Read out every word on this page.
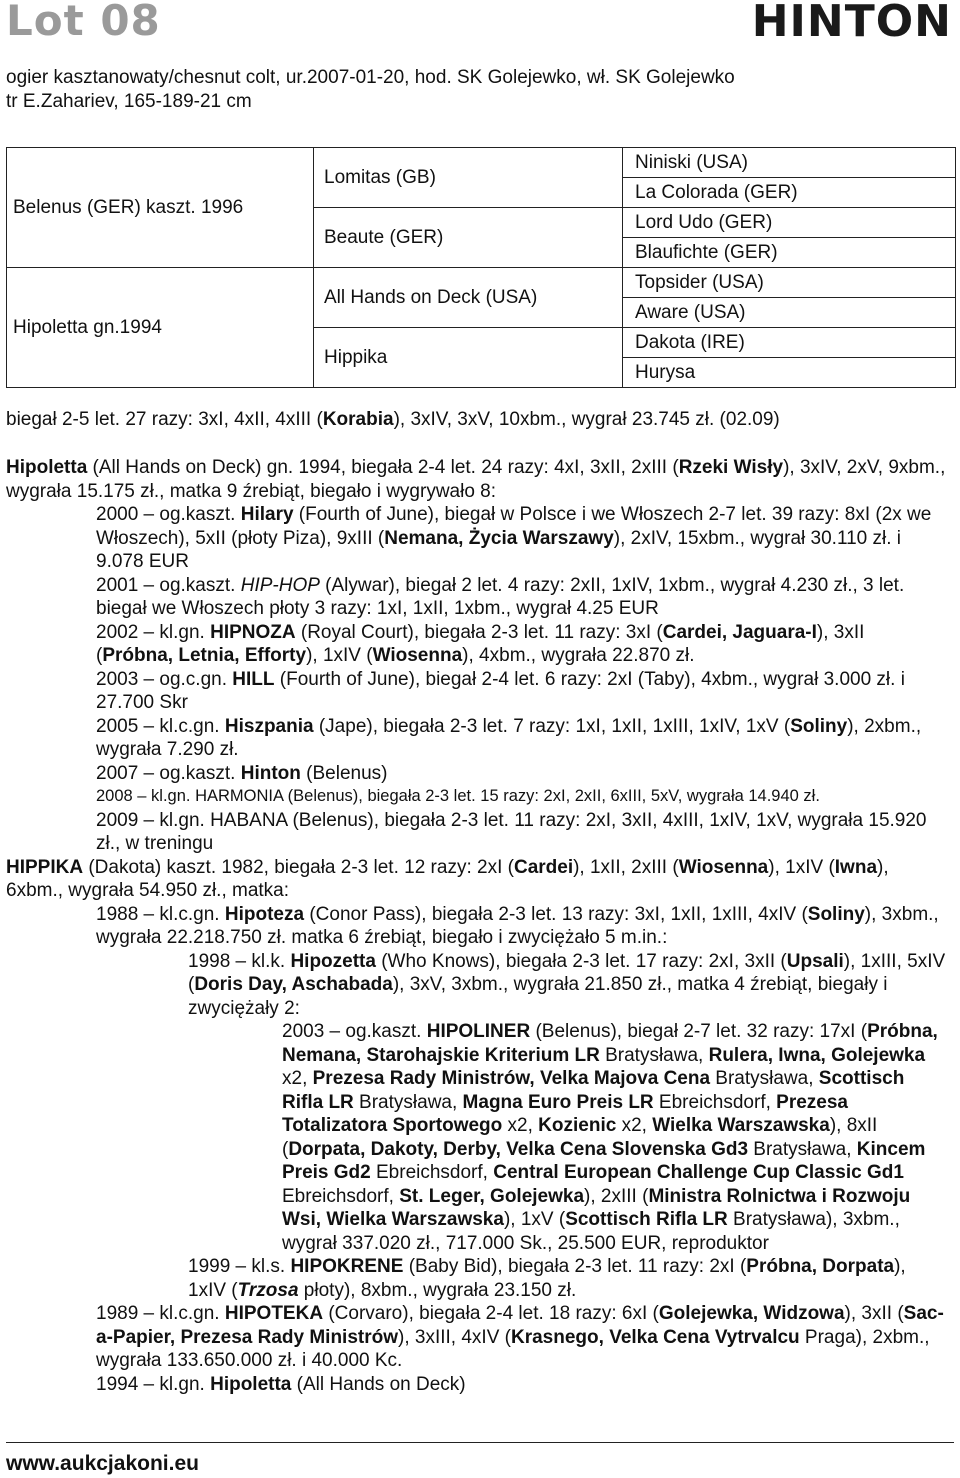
Lot 08	HINTON
ogier kasztanowaty/chesnut colt, ur.2007-01-20, hod. SK Golejewko, wł. SK Golejewko
tr E.Zahariev, 165-189-21 cm
Belenus (GER) kaszt. 1996	Lomitas (GB)	Niniski (USA)
		La Colorada (GER)
	Beaute (GER)	Lord Udo (GER)
		Blaufichte (GER)
Hipoletta gn.1994	All Hands on Deck (USA)	Topsider (USA)
		Aware (USA)
	Hippika	Dakota (IRE)
		Hurysa
biegał 2-5 let. 27 razy: 3xI, 4xII, 4xIII (Korabia), 3xIV, 3xV, 10xbm., wygrał 23.745 zł. (02.09)

Hipoletta (All Hands on Deck) gn. 1994, biegała 2-4 let. 24 razy: 4xI, 3xII, 2xIII (Rzeki Wisły), 3xIV, 2xV, 9xbm., wygrała 15.175 zł., matka 9 źrebiąt, biegało i wygrywało 8:

2000 – og.kaszt. Hilary (Fourth of June), biegał w Polsce i we Włoszech 2-7 let. 39 razy: 8xI (2x we Włoszech), 5xII (płoty Piza), 9xIII (Nemana, Życia Warszawy), 2xIV, 15xbm., wygrał 30.110 zł. i 9.078 EUR

2001 – og.kaszt. HIP-HOP (Alywar), biegał 2 let. 4 razy: 2xII, 1xIV, 1xbm., wygrał 4.230 zł., 3 let. biegał we Włoszech płoty 3 razy: 1xI, 1xII, 1xbm., wygrał 4.25 EUR

2002 – kl.gn. HIPNOZA (Royal Court), biegała 2-3 let. 11 razy: 3xI (Cardei, Jaguara-I), 3xII (Próbna, Letnia, Efforty), 1xIV (Wiosenna), 4xbm., wygrała 22.870 zł.

2003 – og.c.gn. HILL (Fourth of June), biegał 2-4 let. 6 razy: 2xI (Taby), 4xbm., wygrał 3.000 zł. i 27.700 Skr

2005 – kl.c.gn. Hiszpania (Jape), biegała 2-3 let. 7 razy: 1xI, 1xII, 1xIII, 1xIV, 1xV (Soliny), 2xbm., wygrała 7.290 zł.

2007 – og.kaszt. Hinton (Belenus)

2008 – kl.gn. HARMONIA (Belenus), biegała 2-3 let. 15 razy: 2xI, 2xII, 6xIII, 5xV, wygrała 14.940 zł.

2009 – kl.gn. HABANA (Belenus), biegała 2-3 let. 11 razy: 2xI, 3xII, 4xIII, 1xIV, 1xV, wygrała 15.920 zł., w treningu

HIPPIKA (Dakota) kaszt. 1982, biegała 2-3 let. 12 razy: 2xI (Cardei), 1xII, 2xIII (Wiosenna), 1xIV (Iwna), 6xbm., wygrała 54.950 zł., matka:

1988 – kl.c.gn. Hipoteza (Conor Pass), biegała 2-3 let. 13 razy: 3xI, 1xII, 1xIII, 4xIV (Soliny), 3xbm., wygrała 22.218.750 zł. matka 6 źrebiąt, biegało i zwyciężało 5 m.in.:

1998 – kl.k. Hipozetta (Who Knows), biegała 2-3 let. 17 razy: 2xI, 3xII (Upsali), 1xIII, 5xIV (Doris Day, Aschabada), 3xV, 3xbm., wygrała 21.850 zł., matka 4 źrebiąt, biegały i zwyciężały 2:

2003 – og.kaszt. HIPOLINER (Belenus), biegał 2-7 let. 32 razy: 17xI (Próbna, Nemana, Starohajskie Kriterium LR Bratysława, Rulera, Iwna, Golejewka x2, Prezesa Rady Ministrów, Velka Majova Cena Bratysława, Scottisch Rifla LR Bratysława, Magna Euro Preis LR Ebreichsdorf, Prezesa Totalizatora Sportowego x2, Kozienic x2, Wielka Warszawska), 8xII (Dorpata, Dakoty, Derby, Velka Cena Slovenska Gd3 Bratysława, Kincem Preis Gd2 Ebreichsdorf, Central European Challenge Cup Classic Gd1 Ebreichsdorf, St. Leger, Golejewka), 2xIII (Ministra Rolnictwa i Rozwoju Wsi, Wielka Warszawska), 1xV (Scottisch Rifla LR Bratysława), 3xbm., wygrał 337.020 zł., 717.000 Sk., 25.500 EUR, reproduktor

1999 – kl.s. HIPOKRENE (Baby Bid), biegała 2-3 let. 11 razy: 2xI (Próbna, Dorpata), 1xIV (Trzosa płoty), 8xbm., wygrała 23.150 zł.

1989 – kl.c.gn. HIPOTEKA (Corvaro), biegała 2-4 let. 18 razy: 6xI (Golejewka, Widzowa), 3xII (Sac-a-Papier, Prezesa Rady Ministrów), 3xIII, 4xIV (Krasnego, Velka Cena Vytrvalcu Praga), 2xbm., wygrała 133.650.000 zł. i 40.000 Kc.

1994 – kl.gn. Hipoletta (All Hands on Deck)

www.aukcjakoni.eu
